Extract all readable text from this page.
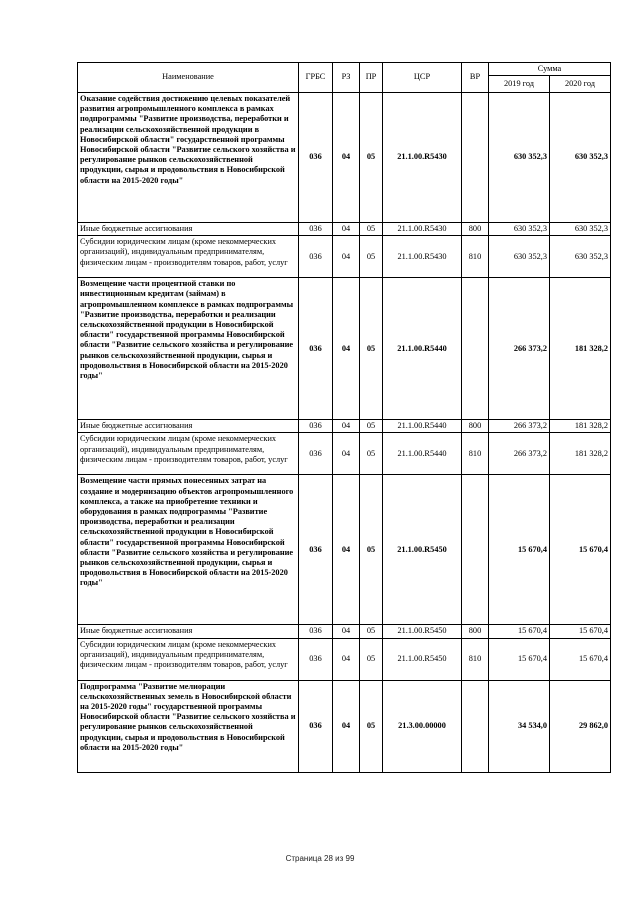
Наименование	ГРБС	РЗ	ПР	ЦСР	ВР	Сумма	
						2019 год	2020 год
Оказание содействия достижению целевых показателей развития агропромышленного комплекса в рамках подпрограммы "Развитие производства, переработки и реализации сельскохозяйственной продукции в Новосибирской области" государственной программы Новосибирской области "Развитие сельского хозяйства и регулирование рынков сельскохозяйственной продукции, сырья и продовольствия в Новосибирской области на 2015-2020 годы"	036	04	05	21.1.00.R5430		630 352,3	630 352,3
Иные бюджетные ассигнования	036	04	05	21.1.00.R5430	800	630 352,3	630 352,3
Субсидии юридическим лицам (кроме некоммерческих организаций), индивидуальным предпринимателям, физическим лицам - производителям товаров, работ, услуг	036	04	05	21.1.00.R5430	810	630 352,3	630 352,3
Возмещение части процентной ставки по инвестиционным кредитам (займам) в агропромышленном комплексе в рамках подпрограммы "Развитие производства, переработки и реализации сельскохозяйственной продукции в Новосибирской области" государственной программы Новосибирской области "Развитие сельского хозяйства и регулирование рынков сельскохозяйственной продукции, сырья и продовольствия в Новосибирской области на 2015-2020 годы"	036	04	05	21.1.00.R5440		266 373,2	181 328,2
Иные бюджетные ассигнования	036	04	05	21.1.00.R5440	800	266 373,2	181 328,2
Субсидии юридическим лицам (кроме некоммерческих организаций), индивидуальным предпринимателям, физическим лицам - производителям товаров, работ, услуг	036	04	05	21.1.00.R5440	810	266 373,2	181 328,2
Возмещение части прямых понесенных затрат на создание и модернизацию объектов агропромышленного комплекса, а также на приобретение техники и оборудования в рамках подпрограммы "Развитие производства, переработки и реализации сельскохозяйственной продукции в Новосибирской области" государственной программы Новосибирской области "Развитие сельского хозяйства и регулирование рынков сельскохозяйственной продукции, сырья и продовольствия в Новосибирской области на 2015-2020 годы"	036	04	05	21.1.00.R5450		15 670,4	15 670,4
Иные бюджетные ассигнования	036	04	05	21.1.00.R5450	800	15 670,4	15 670,4
Субсидии юридическим лицам (кроме некоммерческих организаций), индивидуальным предпринимателям, физическим лицам - производителям товаров, работ, услуг	036	04	05	21.1.00.R5450	810	15 670,4	15 670,4
Подпрограмма "Развитие мелиорации сельскохозяйственных земель в Новосибирской области на 2015-2020 годы" государственной программы Новосибирской области "Развитие сельского хозяйства и регулирование рынков сельскохозяйственной продукции, сырья и продовольствия в Новосибирской области на 2015-2020 годы"	036	04	05	21.3.00.00000		34 534,0	29 862,0
Страница 28 из 99
